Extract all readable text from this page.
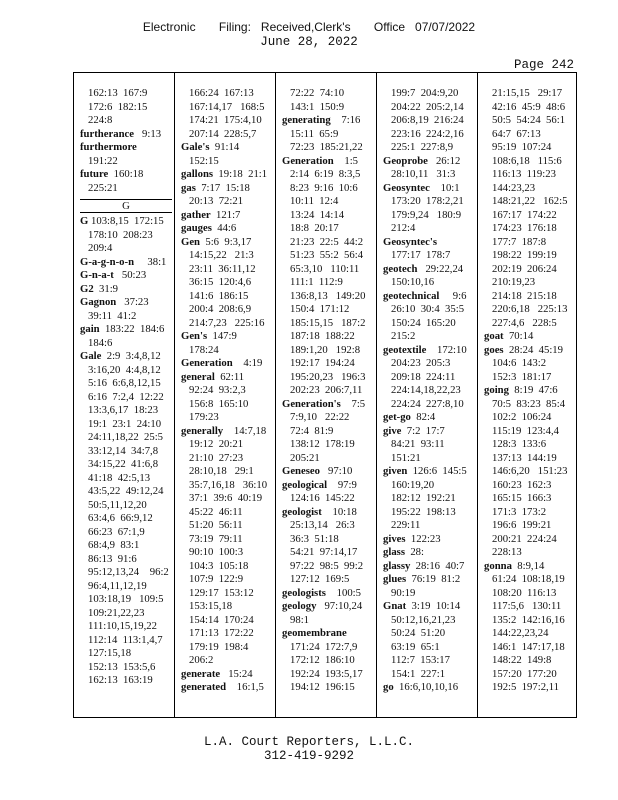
Electronic       Filing:   Received,Clerk's       Office   07/07/2022
June 28, 2022
Page 242
162:13  167:9
172:6  182:15
224:8
furtherance   9:13
furthermore
191:22
future  160:18
225:21
G
G 103:8,15  172:15
178:10  208:23
209:4
G-a-g-n-o-n     38:1
G-n-a-t   50:23
G2  31:9
Gagnon   37:23
39:11  41:2
gain  183:22  184:6
184:6
Gale  2:9  3:4,8,12
3:16,20  4:4,8,12
5:16  6:6,8,12,15
6:16  7:2,4  12:22
13:3,6,17  18:23
19:1  23:1  24:10
24:11,18,22  25:5
33:12,14  34:7,8
34:15,22  41:6,8
41:18  42:5,13
43:5,22  49:12,24
50:5,11,12,20
63:4,6  66:9,12
66:23  67:1,9
68:4,9  83:1
86:13  91:6
95:12,13,24    96:2
96:4,11,12,19
103:18,19   109:5
109:21,22,23
111:10,15,19,22
112:14  113:1,4,7
127:15,18
152:13  153:5,6
162:13  163:19
166:24  167:13
167:14,17   168:5
174:21  175:4,10
207:14  228:5,7
Gale's  91:14
152:15
gallons  19:18  21:1
gas  7:17  15:18
20:13  72:21
gather  121:7
gauges  44:6
Gen  5:6  9:3,17
14:15,22   21:3
23:11  36:11,12
36:15  120:4,6
141:6  186:15
200:4  208:6,9
214:7,23   225:16
Gen's  147:9
178:24
Generation    4:19
general  62:11
92:24  93:2,3
156:8  165:10
179:23
generally    14:7,18
19:12  20:21
21:10  27:23
28:10,18   29:1
35:7,16,18   36:10
37:1  39:6  40:19
45:22  46:11
51:20  56:11
73:19  79:11
90:10  100:3
104:3  105:18
107:9  122:9
129:17  153:12
153:15,18
154:14  170:24
171:13  172:22
179:19  198:4
206:2
generate   15:24
generated    16:1,5
72:22  74:10
143:1  150:9
generating    7:16
15:11  65:9
72:23  185:21,22
Generation    1:5
2:14  6:19  8:3,5
8:23  9:16  10:6
10:11  12:4
13:24  14:14
18:8  20:17
21:23  22:5  44:2
51:23  55:2  56:4
65:3,10   110:11
111:1  112:9
136:8,13   149:20
150:4  171:12
185:15,15   187:2
187:18  188:22
189:1,20   192:8
192:17  194:24
195:20,23   196:3
202:23  206:7,11
Generation's    7:5
7:9,10   22:22
72:4  81:9
138:12  178:19
205:21
Geneseo   97:10
geological    97:9
124:16  145:22
geologist    10:18
25:13,14   26:3
36:3  51:18
54:21  97:14,17
97:22  98:5  99:2
127:12  169:5
geologists    100:5
geology   97:10,24
98:1
geomembrane
171:24  172:7,9
172:12  186:10
192:24  193:5,17
194:12  196:15
199:7  204:9,20
204:22  205:2,14
206:8,19  216:24
223:16  224:2,16
225:1  227:8,9
Geoprobe   26:12
28:10,11   31:3
Geosyntec    10:1
173:20  178:2,21
179:9,24   180:9
212:4
Geosyntec's
177:17  178:7
geotech   29:22,24
150:10,16
geotechnical     9:6
26:10  30:4  35:5
150:24  165:20
215:2
geotextile    172:10
204:23  205:3
209:18  224:11
224:14,18,22,23
224:24  227:8,10
get-go  82:4
give  7:2  17:7
84:21  93:11
151:21
given  126:6  145:5
160:19,20
182:12  192:21
195:22  198:13
229:11
gives  122:23
glass  28:
glassy  28:16  40:7
glues  76:19  81:2
90:19
Gnat  3:19  10:14
50:12,16,21,23
50:24  51:20
63:19  65:1
112:7  153:17
154:1  227:1
go  16:6,10,10,16
21:15,15   29:17
42:16  45:9  48:6
50:5  54:24  56:1
64:7  67:13
95:19  107:24
108:6,18   115:6
116:13  119:23
144:23,23
148:21,22   162:5
167:17  174:22
174:23  176:18
177:7  187:8
198:22  199:19
202:19  206:24
210:19,23
214:18  215:18
220:6,18   225:13
227:4,6   228:5
goat  70:14
goes  28:24  45:19
104:6  143:2
152:3  181:17
going  8:19  47:6
70:5  83:23  85:4
102:2  106:24
115:19  123:4,4
128:3  133:6
137:13  144:19
146:6,20   151:23
160:23  162:3
165:15  166:3
171:3  173:2
196:6  199:21
200:21  224:24
228:13
gonna  8:9,14
61:24  108:18,19
108:20  116:13
117:5,6   130:11
135:2  142:16,16
144:22,23,24
146:1  147:17,18
148:22  149:8
157:20  177:20
192:5  197:2,11
L.A. Court Reporters, L.L.C.
312-419-9292
